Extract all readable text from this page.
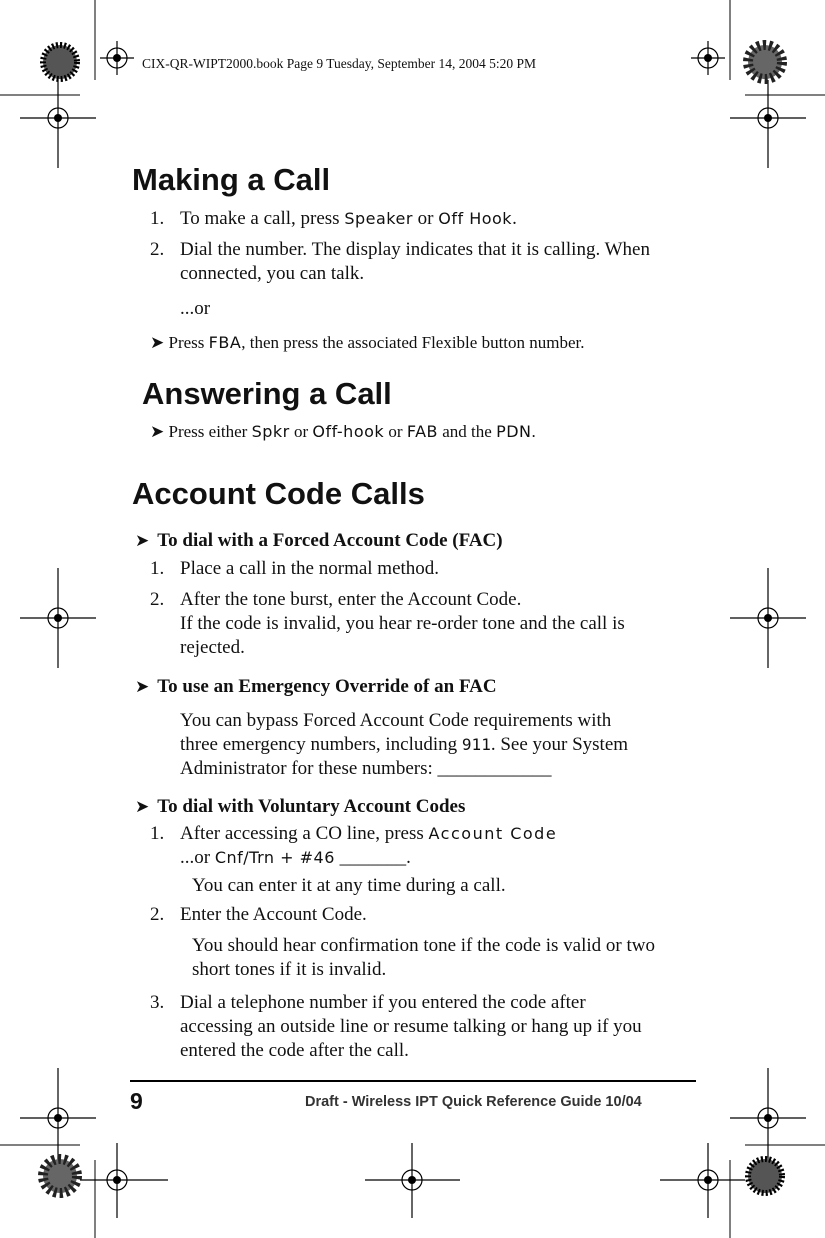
CIX-QR-WIPT2000.book Page 9 Tuesday, September 14, 2004 5:20 PM
Making a Call
1. To make a call, press Speaker or Off Hook.
2. Dial the number. The display indicates that it is calling. When
connected, you can talk.
...or
➤ Press FBA, then press the associated Flexible button number.
Answering a Call
➤ Press either Spkr or Off-hook or FAB and the PDN.
Account Code Calls
➤ To dial with a Forced Account Code (FAC)
1. Place a call in the normal method.
2. After the tone burst, enter the Account Code.
If the code is invalid, you hear re-order tone and the call is
rejected.
➤ To use an Emergency Override of an FAC
You can bypass Forced Account Code requirements with
three emergency numbers, including 911. See your System
Administrator for these numbers: ____________
➤ To dial with Voluntary Account Codes
1. After accessing a CO line, press Account Code
...or Cnf/Trn + #46 _______.
You can enter it at any time during a call.
2. Enter the Account Code.
You should hear confirmation tone if the code is valid or two
short tones if it is invalid.
3. Dial a telephone number if you entered the code after
accessing an outside line or resume talking or hang up if you
entered the code after the call.
9	Draft - Wireless IPT Quick Reference Guide 10/04
